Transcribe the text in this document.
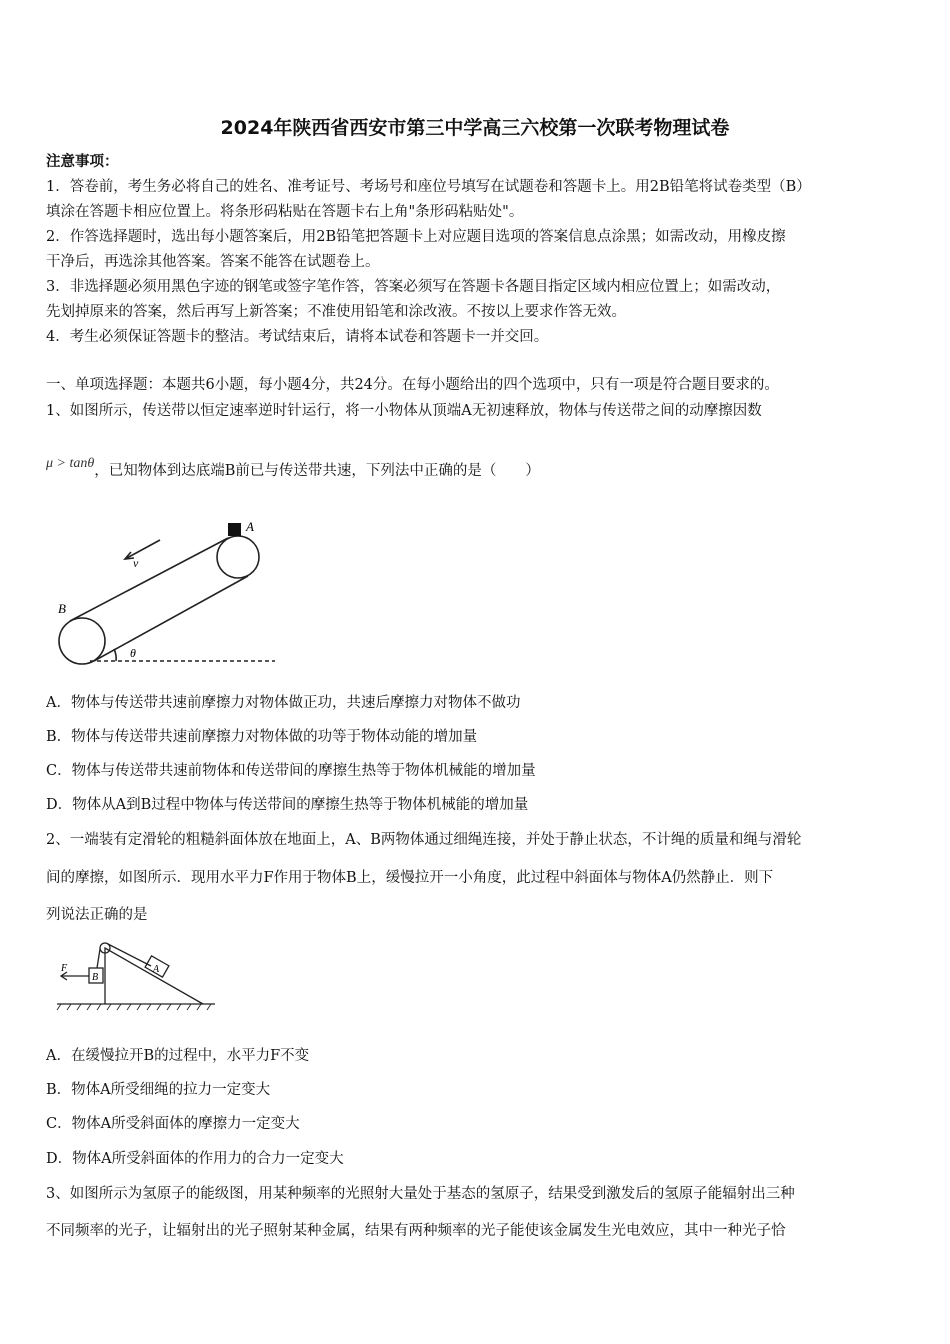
2024年陕西省西安市第三中学高三六校第一次联考物理试卷
注意事项：
1．答卷前，考生务必将自己的姓名、准考证号、考场号和座位号填写在试题卷和答题卡上。用2B铅笔将试卷类型（B）
填涂在答题卡相应位置上。将条形码粘贴在答题卡右上角"条形码粘贴处"。
2．作答选择题时，选出每小题答案后，用2B铅笔把答题卡上对应题目选项的答案信息点涂黑；如需改动，用橡皮擦
干净后，再选涂其他答案。答案不能答在试题卷上。
3．非选择题必须用黑色字迹的钢笔或签字笔作答，答案必须写在答题卡各题目指定区域内相应位置上；如需改动，
先划掉原来的答案，然后再写上新答案；不准使用铅笔和涂改液。不按以上要求作答无效。
4．考生必须保证答题卡的整洁。考试结束后，请将本试卷和答题卡一并交回。
一、单项选择题：本题共6小题，每小题4分，共24分。在每小题给出的四个选项中，只有一项是符合题目要求的。
1、如图所示，传送带以恒定速率逆时针运行，将一小物体从顶端A无初速释放，物体与传送带之间的动摩擦因数
μ > tanθ，已知物体到达底端B前已与传送带共速，下列法中正确的是（　　）
A
B
v
θ
A．物体与传送带共速前摩擦力对物体做正功，共速后摩擦力对物体不做功
B．物体与传送带共速前摩擦力对物体做的功等于物体动能的增加量
C．物体与传送带共速前物体和传送带间的摩擦生热等于物体机械能的增加量
D．物体从A到B过程中物体与传送带间的摩擦生热等于物体机械能的增加量
2、一端装有定滑轮的粗糙斜面体放在地面上，A、B两物体通过细绳连接，并处于静止状态，不计绳的质量和绳与滑轮
间的摩擦，如图所示．现用水平力F作用于物体B上，缓慢拉开一小角度，此过程中斜面体与物体A仍然静止．则下
列说法正确的是
F	A
B
A．在缓慢拉开B的过程中，水平力F不变
B．物体A所受细绳的拉力一定变大
C．物体A所受斜面体的摩擦力一定变大
D．物体A所受斜面体的作用力的合力一定变大
3、如图所示为氢原子的能级图，用某种频率的光照射大量处于基态的氢原子，结果受到激发后的氢原子能辐射出三种
不同频率的光子，让辐射出的光子照射某种金属，结果有两种频率的光子能使该金属发生光电效应，其中一种光子恰
